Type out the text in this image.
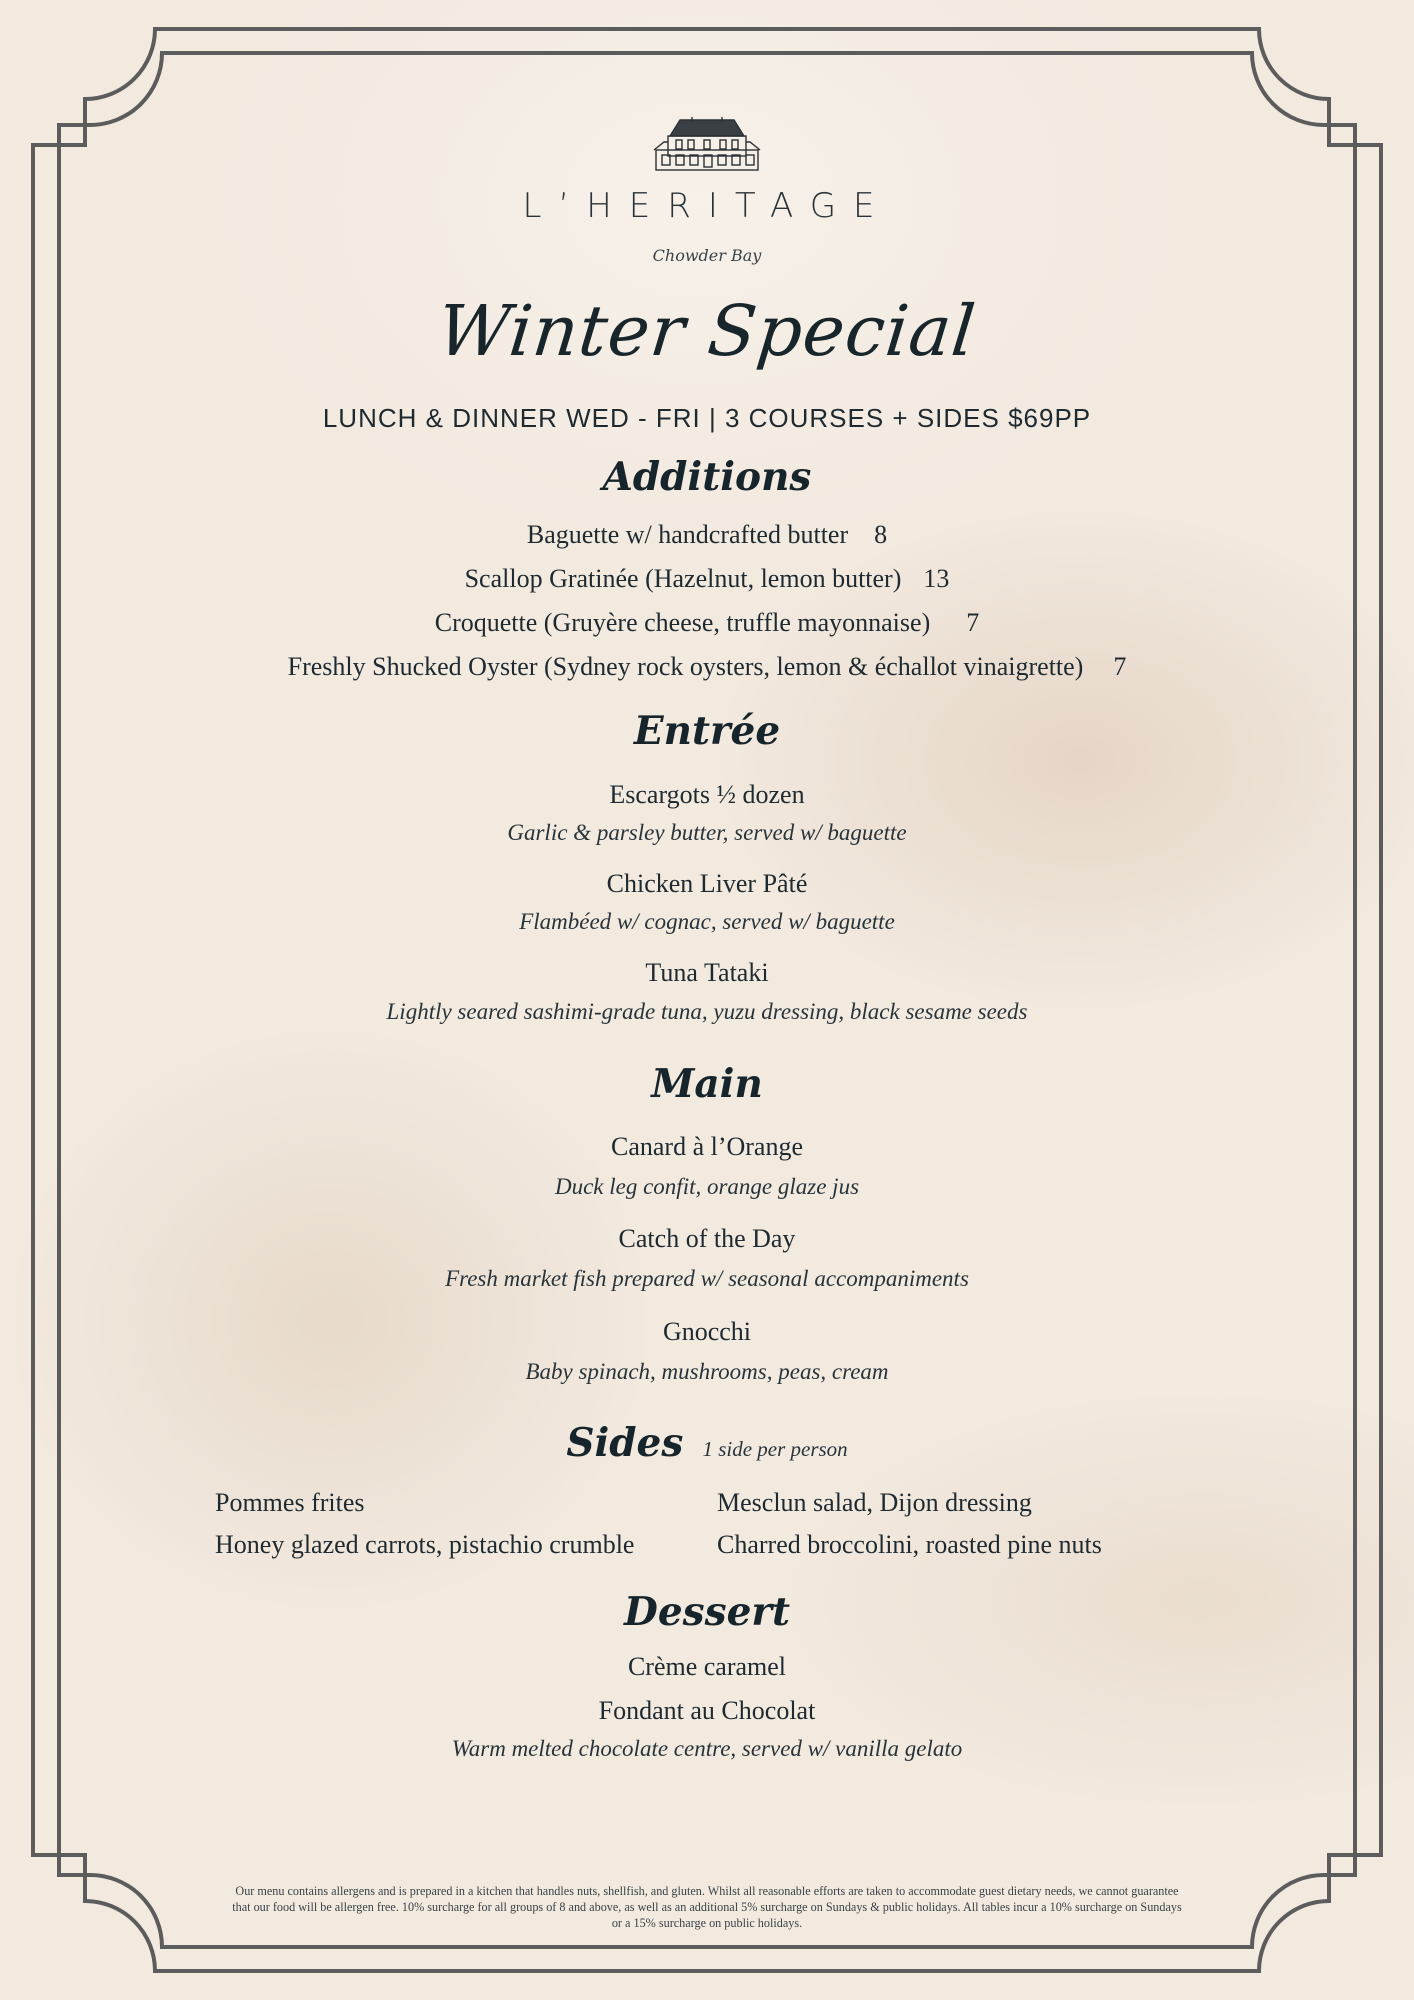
L’HERITAGE
Chowder Bay
Winter Special
LUNCH & DINNER WED - FRI | 3 COURSES + SIDES $69PP
Additions
Baguette w/ handcrafted butter 8
Scallop Gratinée (Hazelnut, lemon butter) 13
Croquette (Gruyère cheese, truffle mayonnaise) 7
Freshly Shucked Oyster (Sydney rock oysters, lemon & échallot vinaigrette) 7
Entrée
Escargots ½ dozen
Garlic & parsley butter, served w/ baguette
Chicken Liver Pâté
Flambéed w/ cognac, served w/ baguette
Tuna Tataki
Lightly seared sashimi-grade tuna, yuzu dressing, black sesame seeds
Main
Canard à l’Orange
Duck leg confit, orange glaze jus
Catch of the Day
Fresh market fish prepared w/ seasonal accompaniments
Gnocchi
Baby spinach, mushrooms, peas, cream
Sides 1 side per person
Pommes frites	Mesclun salad, Dijon dressing
Honey glazed carrots, pistachio crumble	Charred broccolini, roasted pine nuts
Dessert
Crème caramel
Fondant au Chocolat
Warm melted chocolate centre, served w/ vanilla gelato
Our menu contains allergens and is prepared in a kitchen that handles nuts, shellfish, and gluten. Whilst all reasonable efforts are taken to accommodate guest dietary needs, we cannot guarantee that our food will be allergen free. 10% surcharge for all groups of 8 and above, as well as an additional 5% surcharge on Sundays & public holidays. All tables incur a 10% surcharge on Sundays or a 15% surcharge on public holidays.
